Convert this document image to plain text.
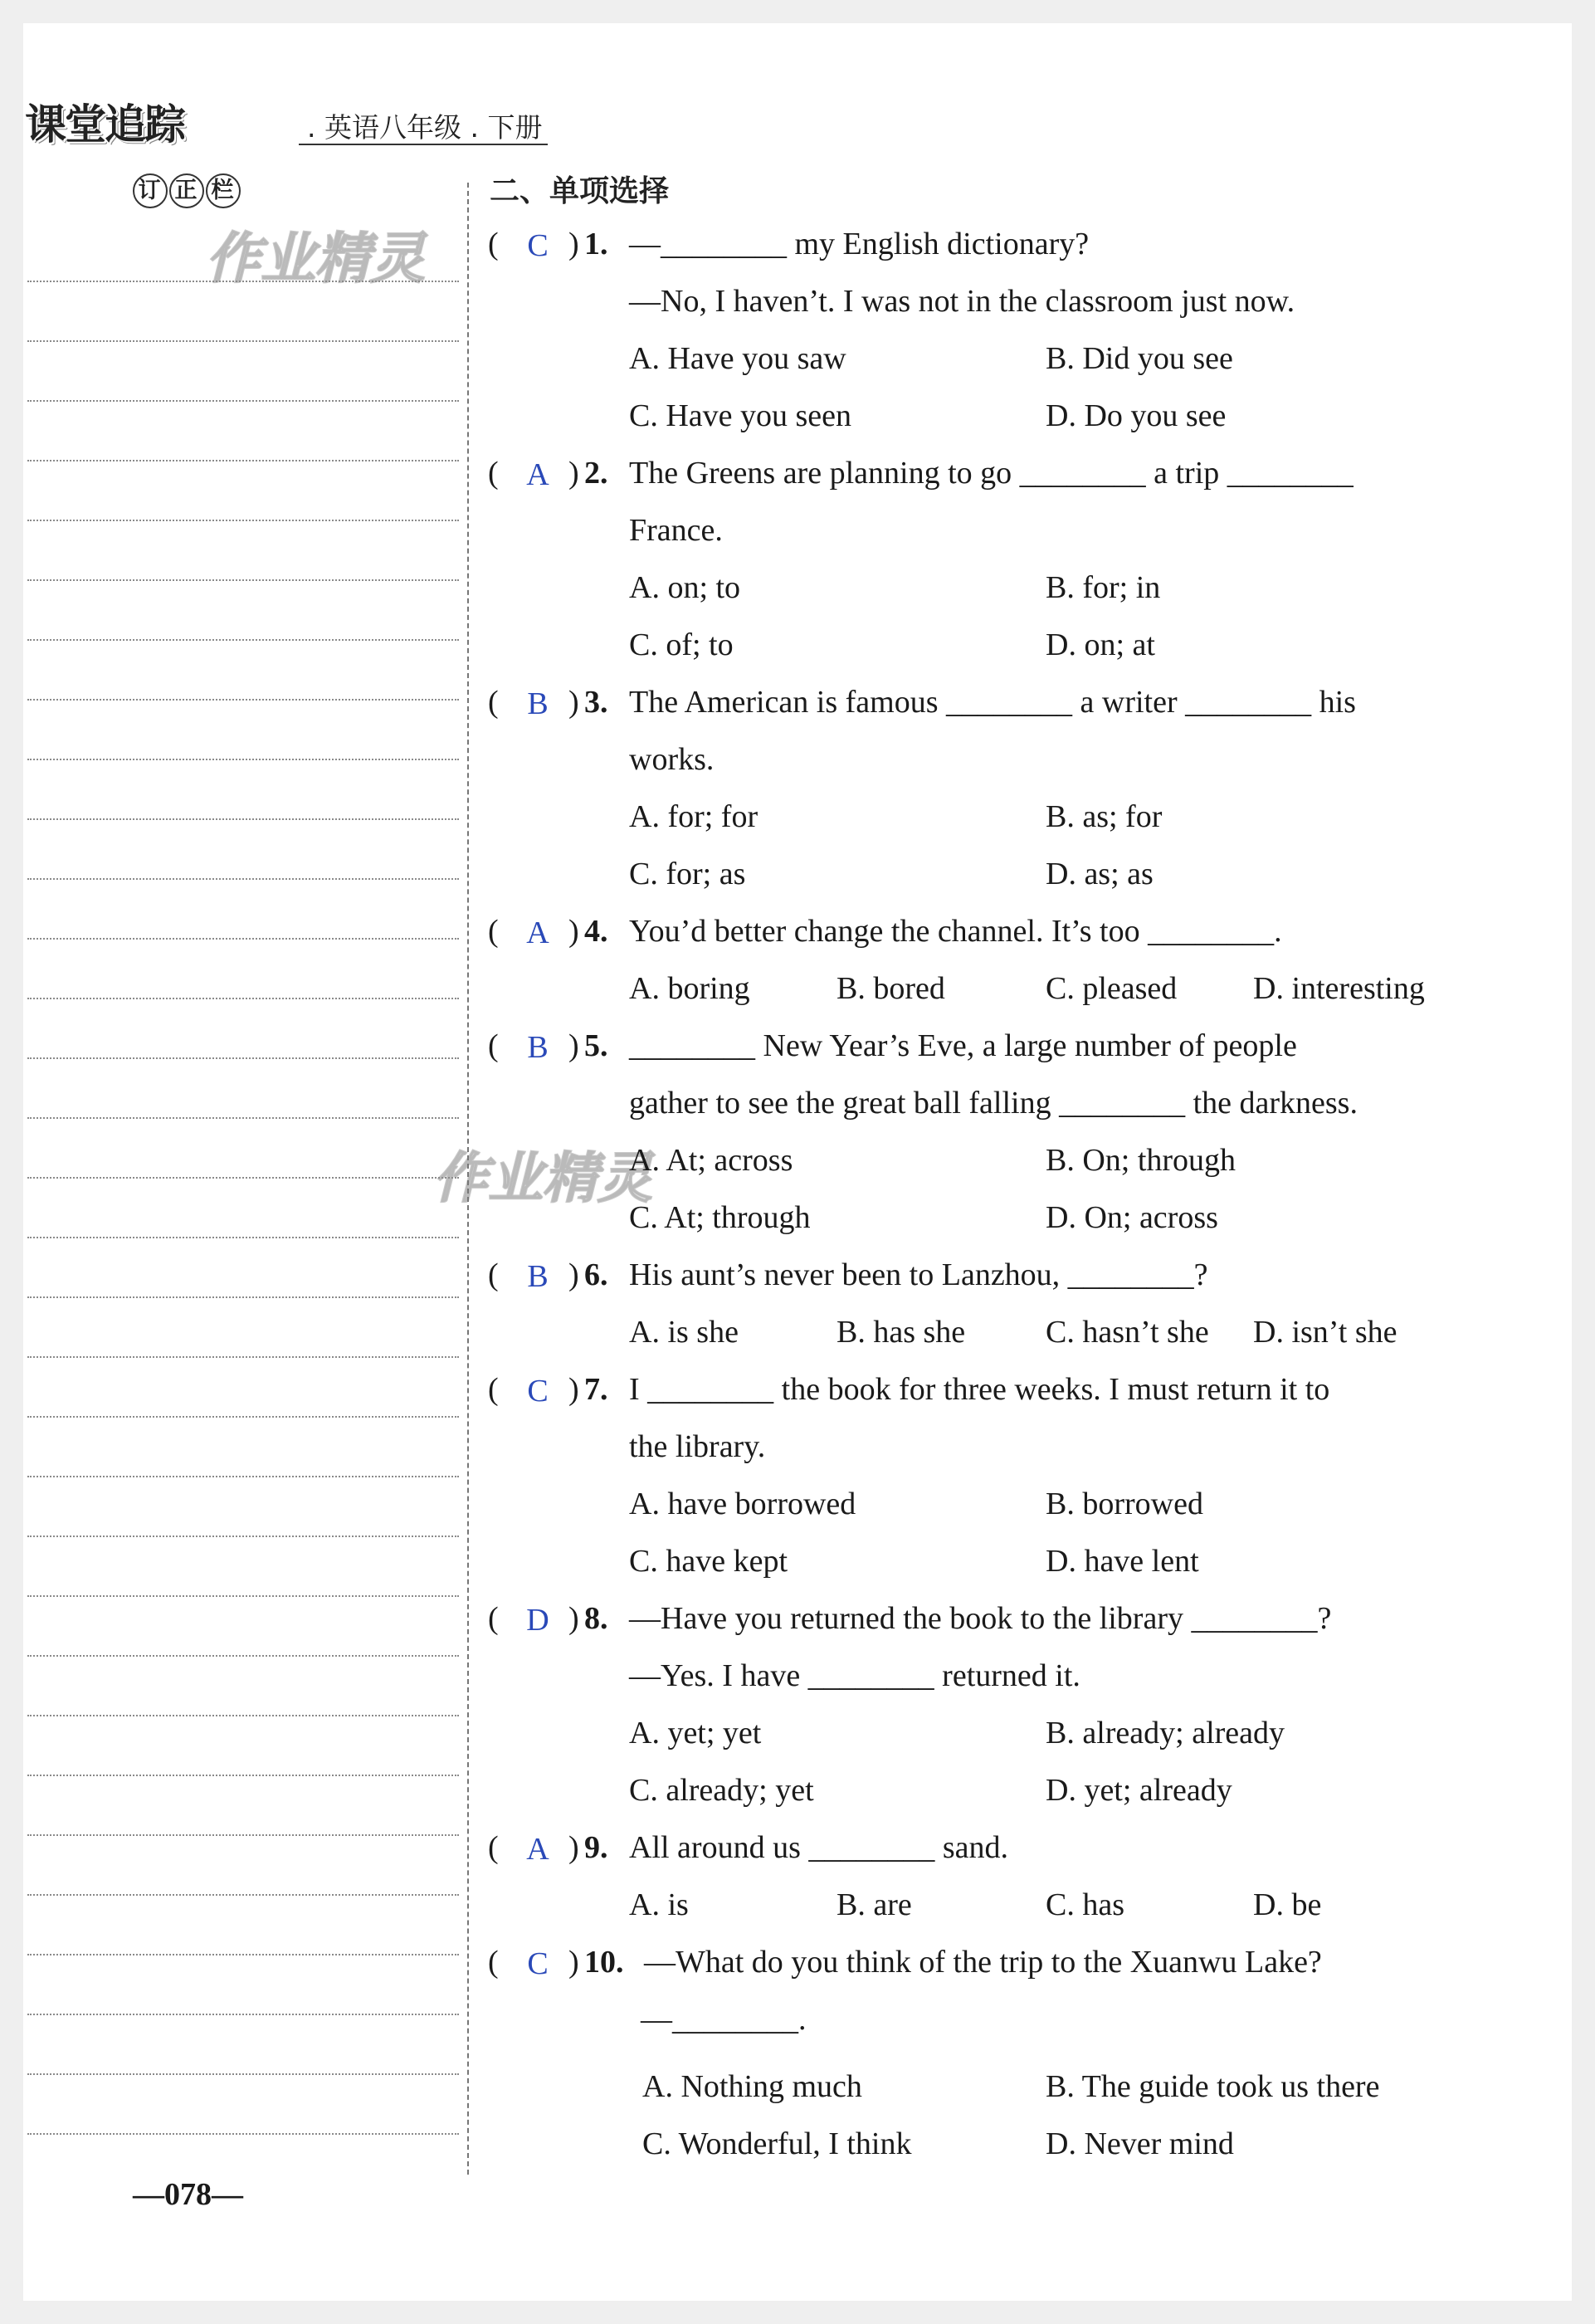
课堂追踪	. 英语八年级 . 下册
订 正 栏
作业精灵
作业精灵
二、单项选择
( C ) 1. —________ my English dictionary?
—No, I haven’t. I was not in the classroom just now.
A. Have you saw	B. Did you see
C. Have you seen	D. Do you see
( A ) 2. The Greens are planning to go ________ a trip ________
France.
A. on; to	B. for; in
C. of; to	D. on; at
( B ) 3. The American is famous ________ a writer ________ his
works.
A. for; for	B. as; for
C. for; as	D. as; as
( A ) 4. You’d better change the channel. It’s too ________.
A. boring	B. bored	C. pleased D. interesting
( B ) 5. ________ New Year’s Eve, a large number of people
gather to see the great ball falling ________ the darkness.
A. At; across	B. On; through
C. At; through	D. On; across
( B ) 6. His aunt’s never been to Lanzhou, ________?
A. is she	B. has she	C. hasn’t she D. isn’t she
( C ) 7. I ________ the book for three weeks. I must return it to
the library.
A. have borrowed	B. borrowed
C. have kept	D. have lent
( D ) 8. —Have you returned the book to the library ________?
—Yes. I have ________ returned it.
A. yet; yet	B. already; already
C. already; yet	D. yet; already
( A ) 9. All around us ________ sand.
A. is	B. are	C. has	D. be
( C ) 10. —What do you think of the trip to the Xuanwu Lake?
—________.
A. Nothing much	B. The guide took us there
C. Wonderful, I think	D. Never mind
—078—
